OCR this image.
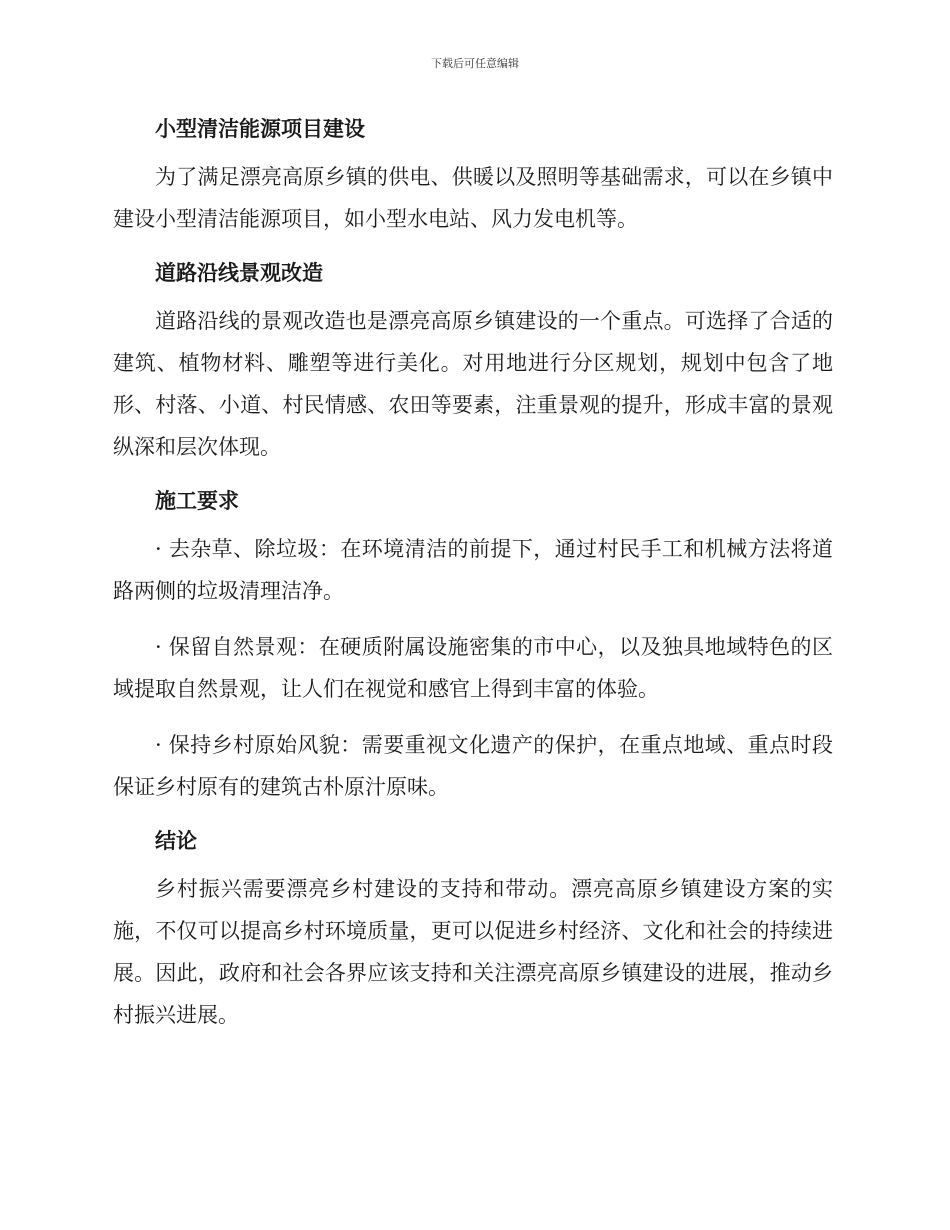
下载后可任意编辑
小型清洁能源项目建设

为了满足漂亮高原乡镇的供电、供暖以及照明等基础需求，可以在乡镇中建设小型清洁能源项目，如小型水电站、风力发电机等。

道路沿线景观改造

道路沿线的景观改造也是漂亮高原乡镇建设的一个重点。可选择了合适的建筑、植物材料、雕塑等进行美化。对用地进行分区规划，规划中包含了地形、村落、小道、村民情感、农田等要素，注重景观的提升，形成丰富的景观纵深和层次体现。

施工要求

· 去杂草、除垃圾：在环境清洁的前提下，通过村民手工和机械方法将道路两侧的垃圾清理洁净。

· 保留自然景观：在硬质附属设施密集的市中心，以及独具地域特色的区域提取自然景观，让人们在视觉和感官上得到丰富的体验。

· 保持乡村原始风貌：需要重视文化遗产的保护，在重点地域、重点时段保证乡村原有的建筑古朴原汁原味。

结论

乡村振兴需要漂亮乡村建设的支持和带动。漂亮高原乡镇建设方案的实施，不仅可以提高乡村环境质量，更可以促进乡村经济、文化和社会的持续进展。因此，政府和社会各界应该支持和关注漂亮高原乡镇建设的进展，推动乡村振兴进展。
